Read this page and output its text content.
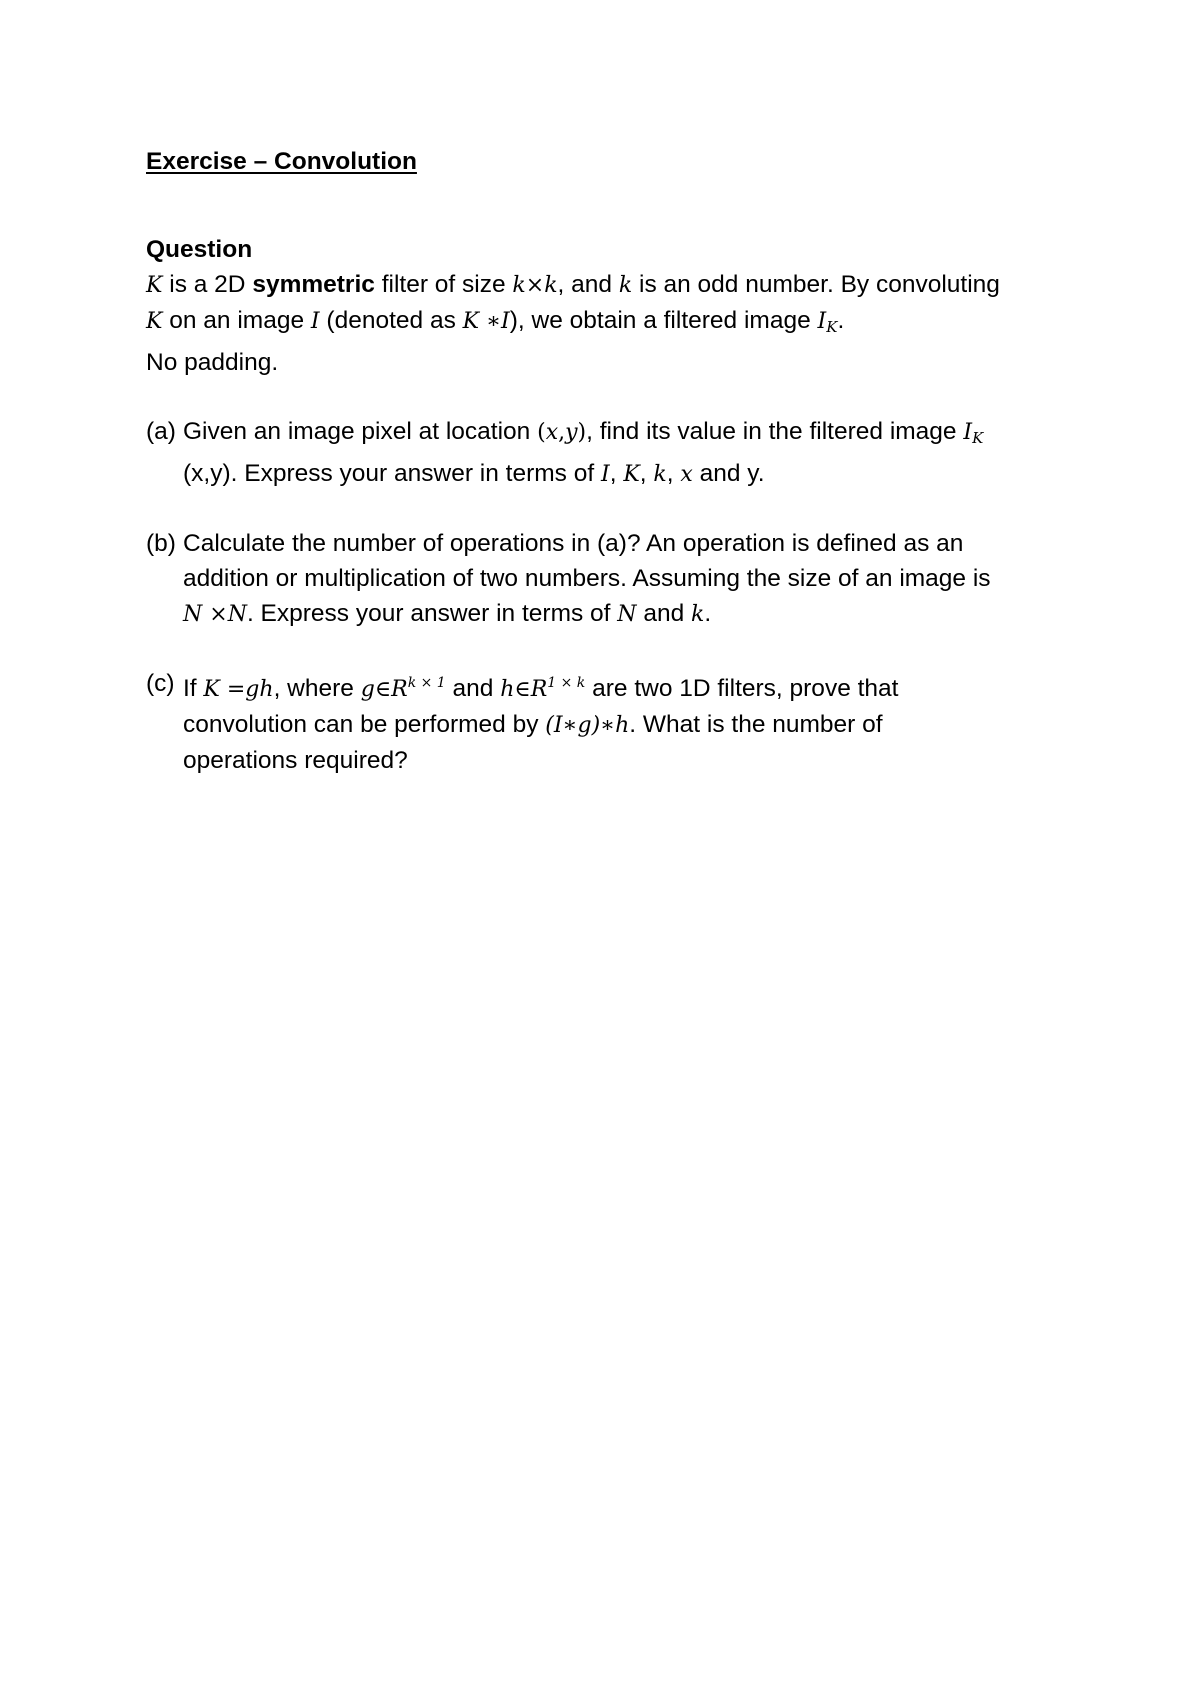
Exercise – Convolution
Question
K is a 2D symmetric filter of size k×k, and k is an odd number. By convoluting
K on an image I (denoted as K ∗I), we obtain a filtered image $I_K$.
No padding.
(a) Given an image pixel at location (x,y), find its value in the filtered image $I_K$
(x,y). Express your answer in terms of I, K, k, x and y.
(b) Calculate the number of operations in (a)? An operation is defined as an
addition or multiplication of two numbers. Assuming the size of an image is
N ×N. Express your answer in terms of N and k.
(c) If K =gh, where $g\in R^{k \times 1}$ and $h\in R^{1 \times k}$ are two 1D filters, prove that
convolution can be performed by (I∗g)∗h. What is the number of
operations required?
